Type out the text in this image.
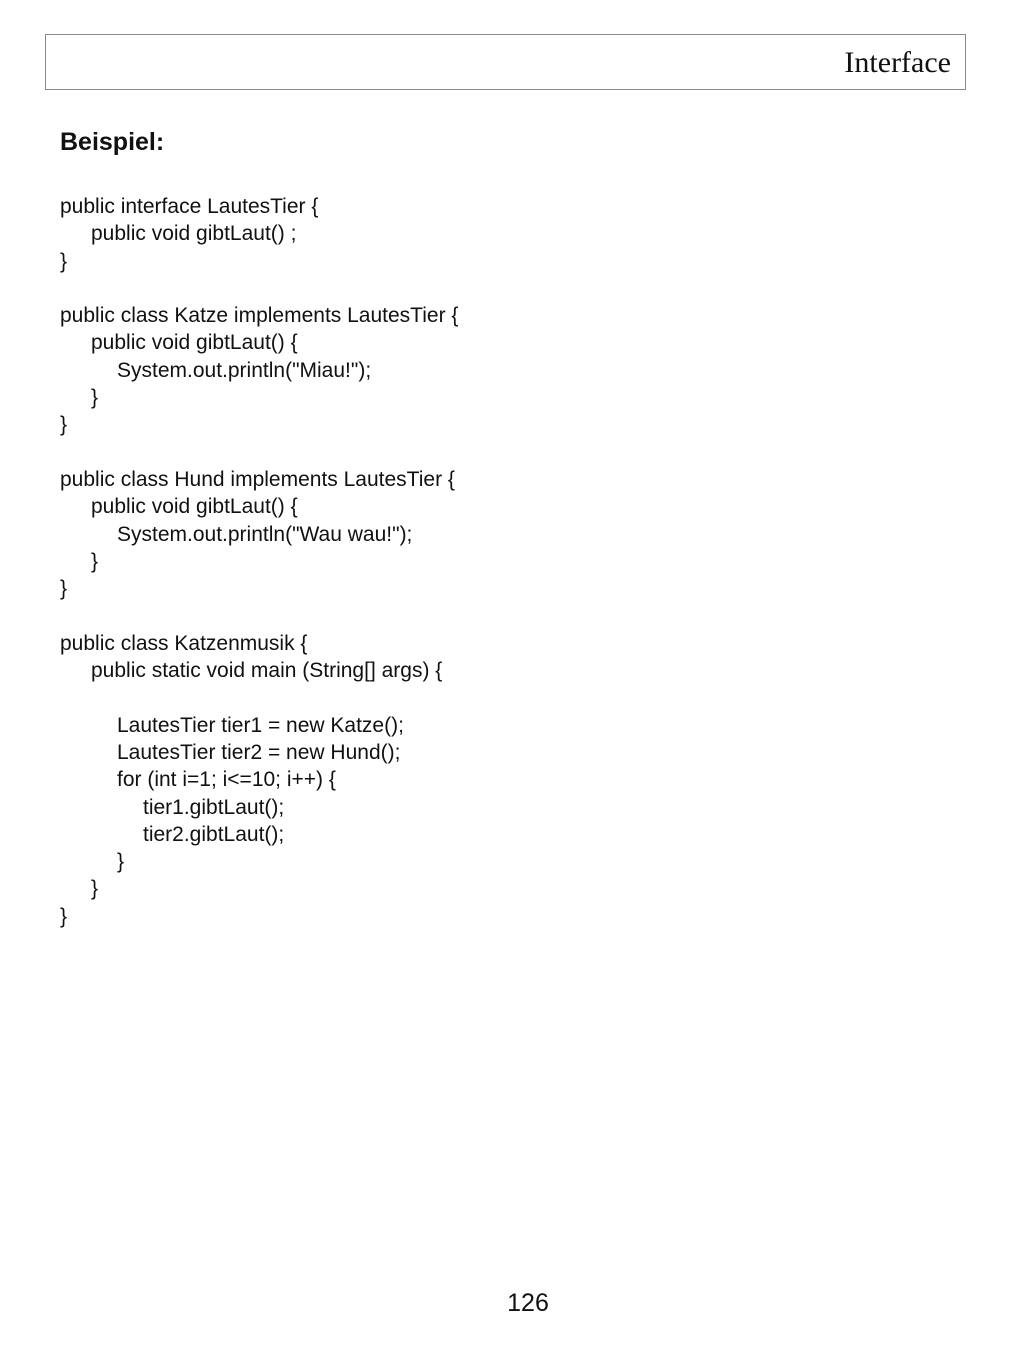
Interface
Beispiel:
public interface LautesTier {
public void gibtLaut() ;
}
public class Katze implements LautesTier {
public void gibtLaut() {
System.out.println("Miau!");
}
}
public class Hund implements LautesTier {
public void gibtLaut() {
System.out.println("Wau wau!");
}
}
public class Katzenmusik {
public static void main (String[] args) {
LautesTier tier1 = new Katze();
LautesTier tier2 = new Hund();
for (int i=1; i<=10; i++) {
tier1.gibtLaut();
tier2.gibtLaut();
}
}
}
126
